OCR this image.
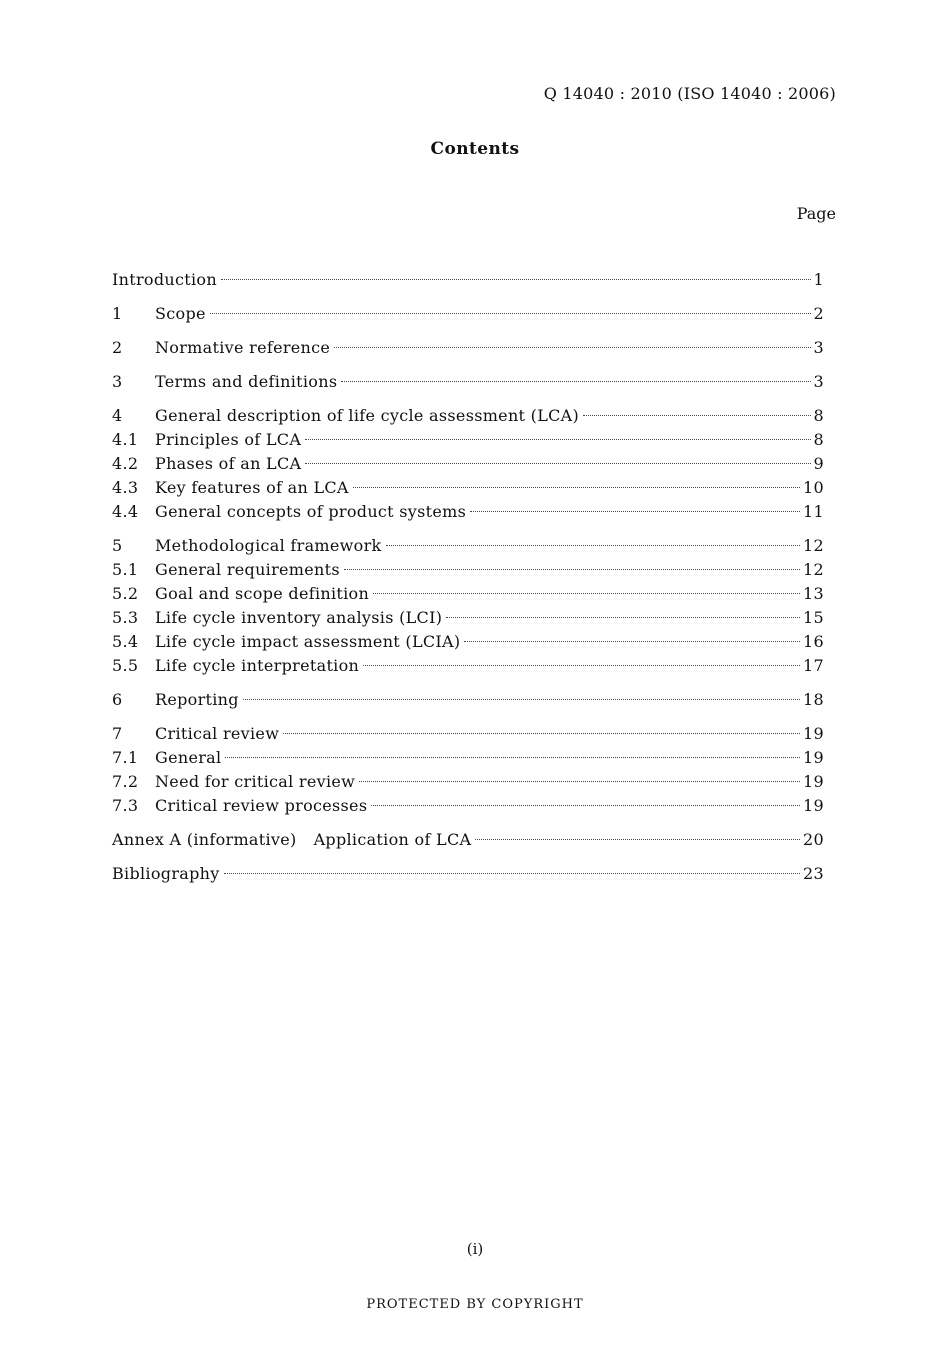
Q 14040 : 2010 (ISO 14040 : 2006)
Contents
Page
Introduction	1
1	Scope	2
2	Normative reference	3
3	Terms and definitions	3
4	General description of life cycle assessment (LCA)	8
4.1	Principles of LCA	8
4.2	Phases of an LCA	9
4.3	Key features of an LCA	10
4.4	General concepts of product systems	11
5	Methodological framework	12
5.1	General requirements	12
5.2	Goal and scope definition	13
5.3	Life cycle inventory analysis (LCI)	15
5.4	Life cycle impact assessment (LCIA)	16
5.5	Life cycle interpretation	17
6	Reporting	18
7	Critical review	19
7.1	General	19
7.2	Need for critical review	19
7.3	Critical review processes	19
Annex A (informative) Application of LCA	20
Bibliography	23
(i)
PROTECTED BY COPYRIGHT
